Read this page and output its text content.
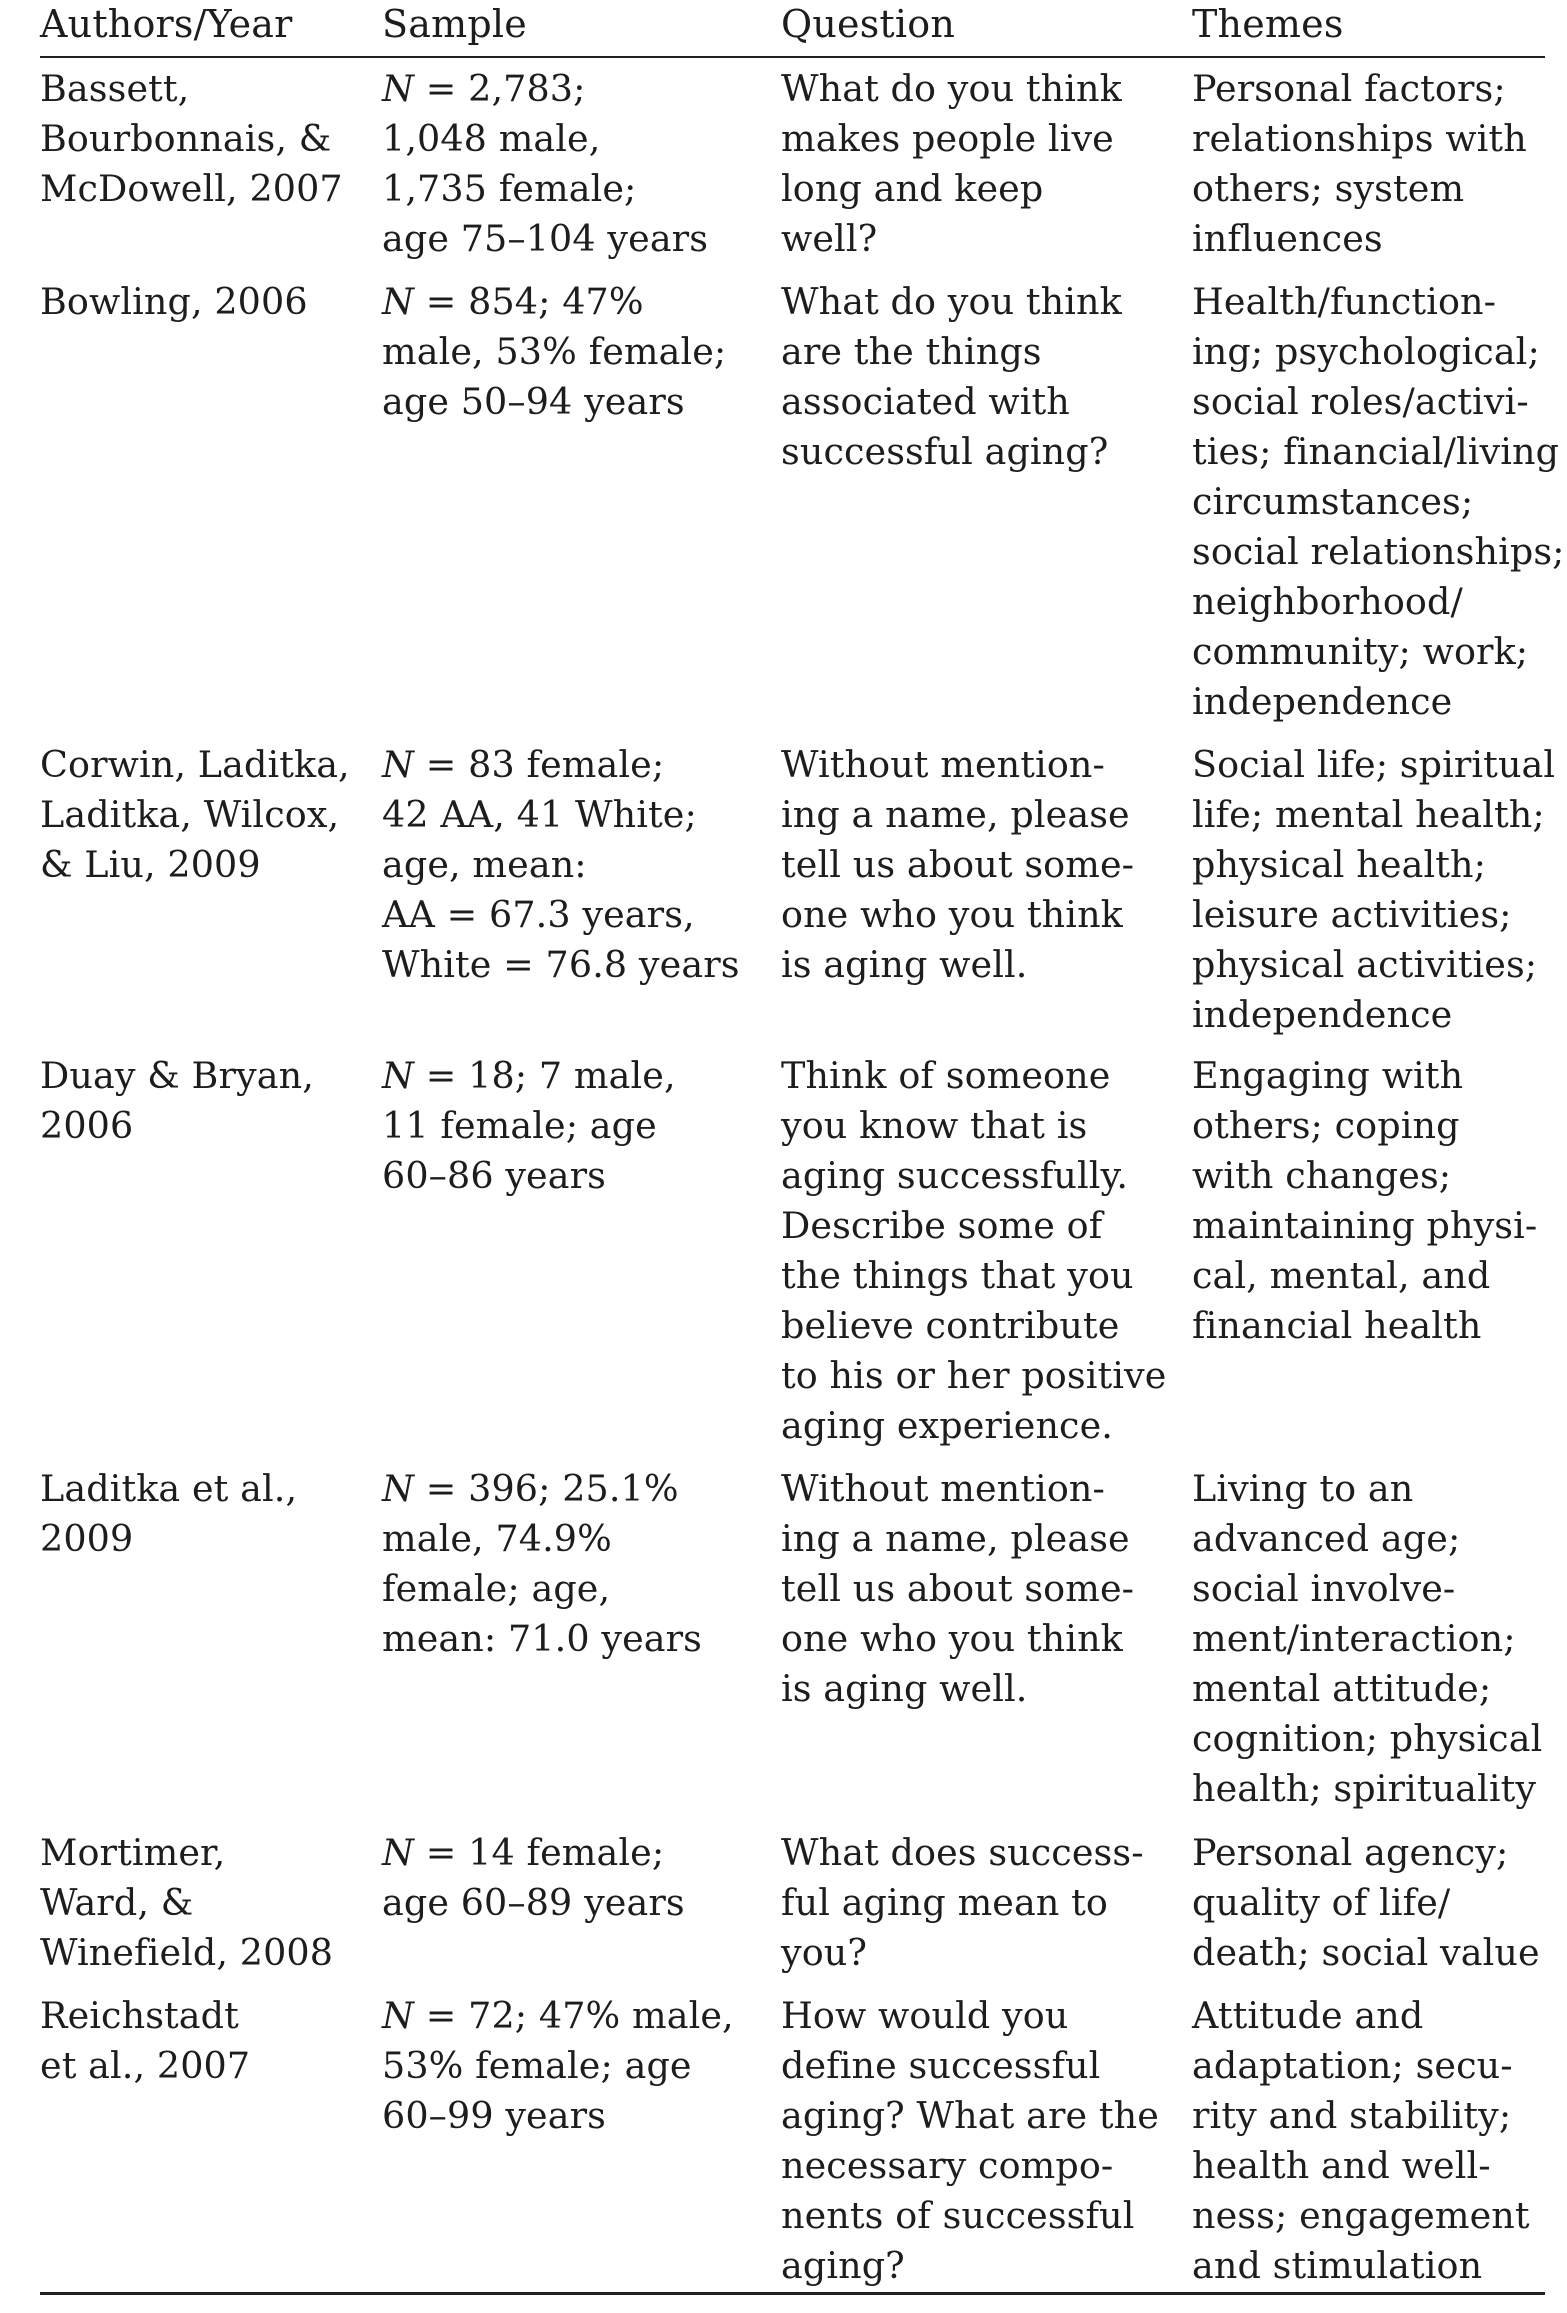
Authors/Year Sample	Question	Themes
Bassett,
Bourbonnais, &
McDowell, 2007
N = 2,783;
1,048 male,
1,735 female;
age 75–104 years
What do you think
makes people live
long and keep
well?
Personal factors;
relationships with
others; system
influences
Bowling, 2006 N = 854; 47%
male, 53% female;
age 50–94 years
What do you think
are the things
associated with
successful aging?
Health/function-
ing; psychological;
social roles/activi-
ties; financial/living
circumstances;
social relationships;
neighborhood/
community; work;
independence
Corwin, Laditka,
Laditka, Wilcox,
& Liu, 2009
N = 83 female;
42 AA, 41 White;
age, mean:
AA = 67.3 years,
White = 76.8 years
Without mention-
ing a name, please
tell us about some-
one who you think
is aging well.
Social life; spiritual
life; mental health;
physical health;
leisure activities;
physical activities;
independence
Duay & Bryan,
2006
N = 18; 7 male,
11 female; age
60–86 years
Think of someone
you know that is
aging successfully.
Describe some of
the things that you
believe contribute
to his or her positive
aging experience.
Engaging with
others; coping
with changes;
maintaining physi-
cal, mental, and
financial health
Laditka et al.,
2009
N = 396; 25.1%
male, 74.9%
female; age,
mean: 71.0 years
Without mention-
ing a name, please
tell us about some-
one who you think
is aging well.
Living to an
advanced age;
social involve-
ment/interaction;
mental attitude;
cognition; physical
health; spirituality
Mortimer,
Ward, &
Winefield, 2008
N = 14 female;
age 60–89 years
What does success-
ful aging mean to
you?
Personal agency;
quality of life/
death; social value
Reichstadt
et al., 2007
N = 72; 47% male,
53% female; age
60–99 years
How would you
define successful
aging? What are the
necessary compo-
nents of successful
aging?
Attitude and
adaptation; secu-
rity and stability;
health and well-
ness; engagement
and stimulation
